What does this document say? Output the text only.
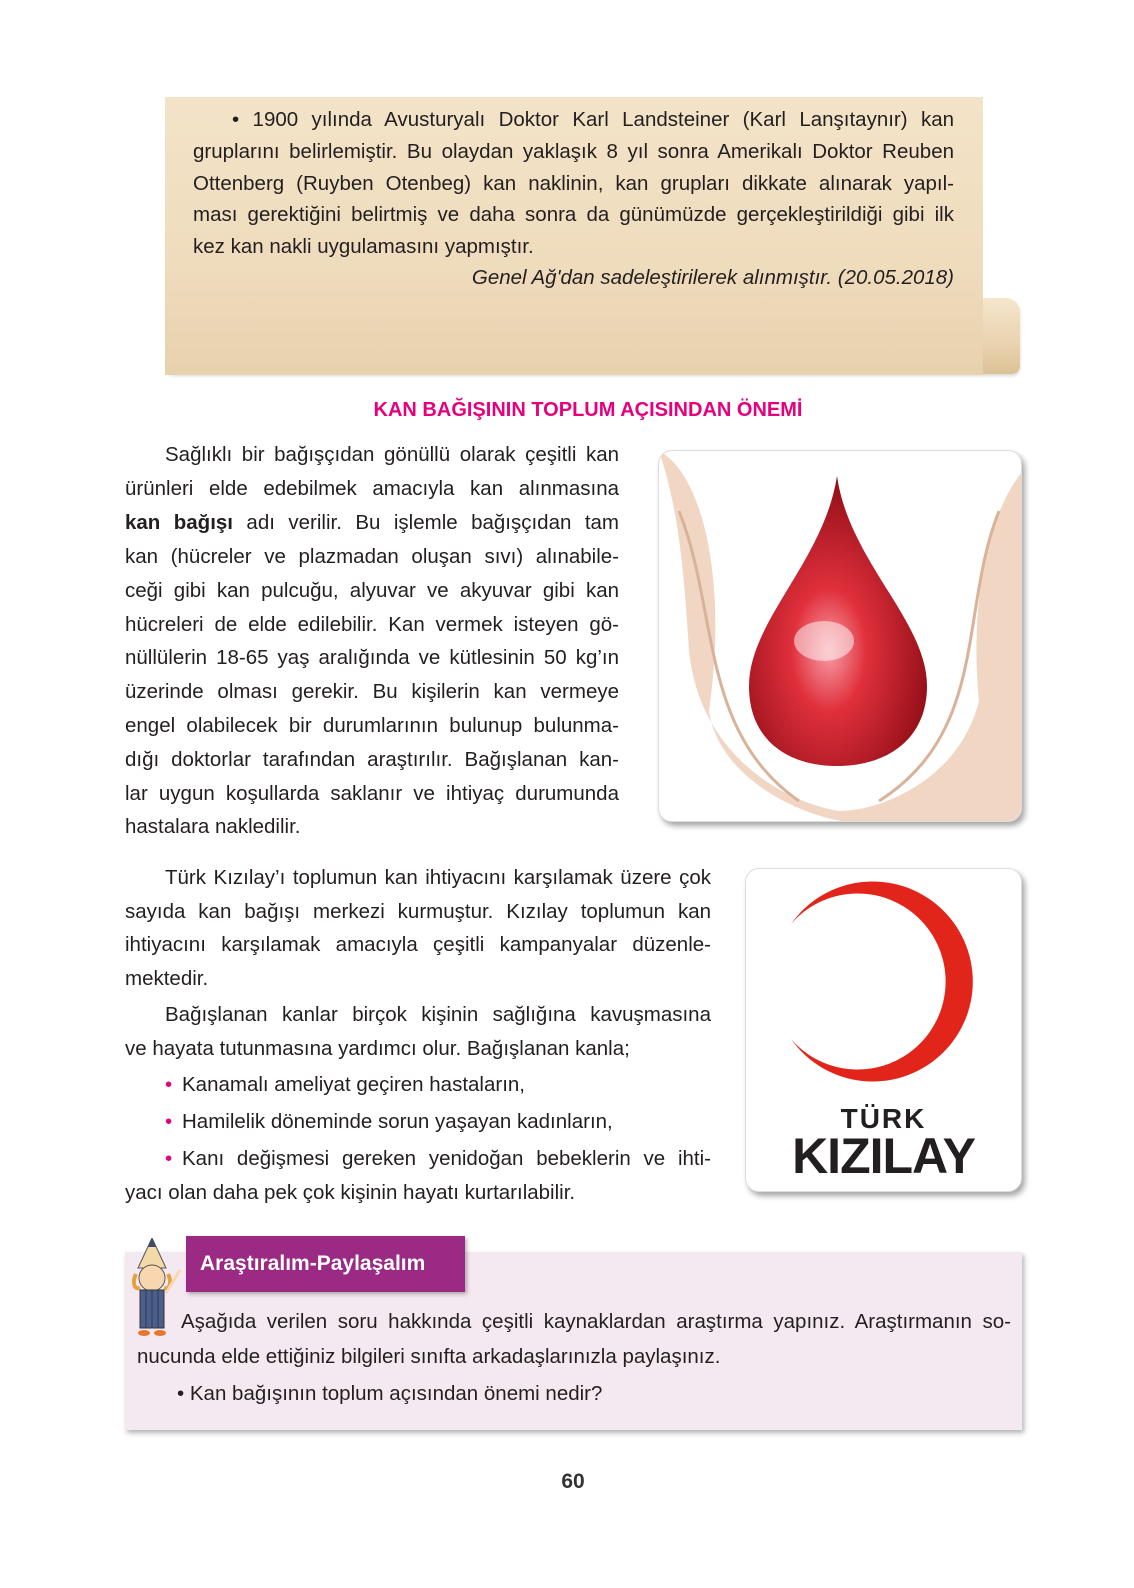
• 1900 yılında Avusturyalı Doktor Karl Landsteiner (Karl Lanşıtaynır) kan
gruplarını belirlemiştir. Bu olaydan yaklaşık 8 yıl sonra Amerikalı Doktor Reuben
Ottenberg (Ruyben Otenbeg) kan naklinin, kan grupları dikkate alınarak yapıl-
ması gerektiğini belirtmiş ve daha sonra da günümüzde gerçekleştirildiği gibi ilk
kez kan nakli uygulamasını yapmıştır.
Genel Ağ'dan sadeleştirilerek alınmıştır. (20.05.2018)
KAN BAĞIŞININ TOPLUM AÇISINDAN ÖNEMİ
Sağlıklı bir bağışçıdan gönüllü olarak çeşitli kan
ürünleri elde edebilmek amacıyla kan alınmasına
kan bağışı adı verilir. Bu işlemle bağışçıdan tam
kan (hücreler ve plazmadan oluşan sıvı) alınabile-
ceği gibi kan pulcuğu, alyuvar ve akyuvar gibi kan
hücreleri de elde edilebilir. Kan vermek isteyen gö-
nüllülerin 18-65 yaş aralığında ve kütlesinin 50 kg’ın
üzerinde olması gerekir. Bu kişilerin kan vermeye
engel olabilecek bir durumlarının bulunup bulunma-
dığı doktorlar tarafından araştırılır. Bağışlanan kan-
lar uygun koşullarda saklanır ve ihtiyaç durumunda
hastalara nakledilir.
Türk Kızılay’ı toplumun kan ihtiyacını karşılamak üzere çok
sayıda kan bağışı merkezi kurmuştur. Kızılay toplumun kan
ihtiyacını karşılamak amacıyla çeşitli kampanyalar düzenle-
mektedir.
Bağışlanan kanlar birçok kişinin sağlığına kavuşmasına
ve hayata tutunmasına yardımcı olur. Bağışlanan kanla;
• Kanamalı ameliyat geçiren hastaların,
• Hamilelik döneminde sorun yaşayan kadınların,
• Kanı değişmesi gereken yenidoğan bebeklerin ve ihti-
yacı olan daha pek çok kişinin hayatı kurtarılabilir.
TÜRK
KIZILAY
Araştıralım-Paylaşalım
Aşağıda verilen soru hakkında çeşitli kaynaklardan araştırma yapınız. Araştırmanın so-
nucunda elde ettiğiniz bilgileri sınıfta arkadaşlarınızla paylaşınız.
• Kan bağışının toplum açısından önemi nedir?
60
